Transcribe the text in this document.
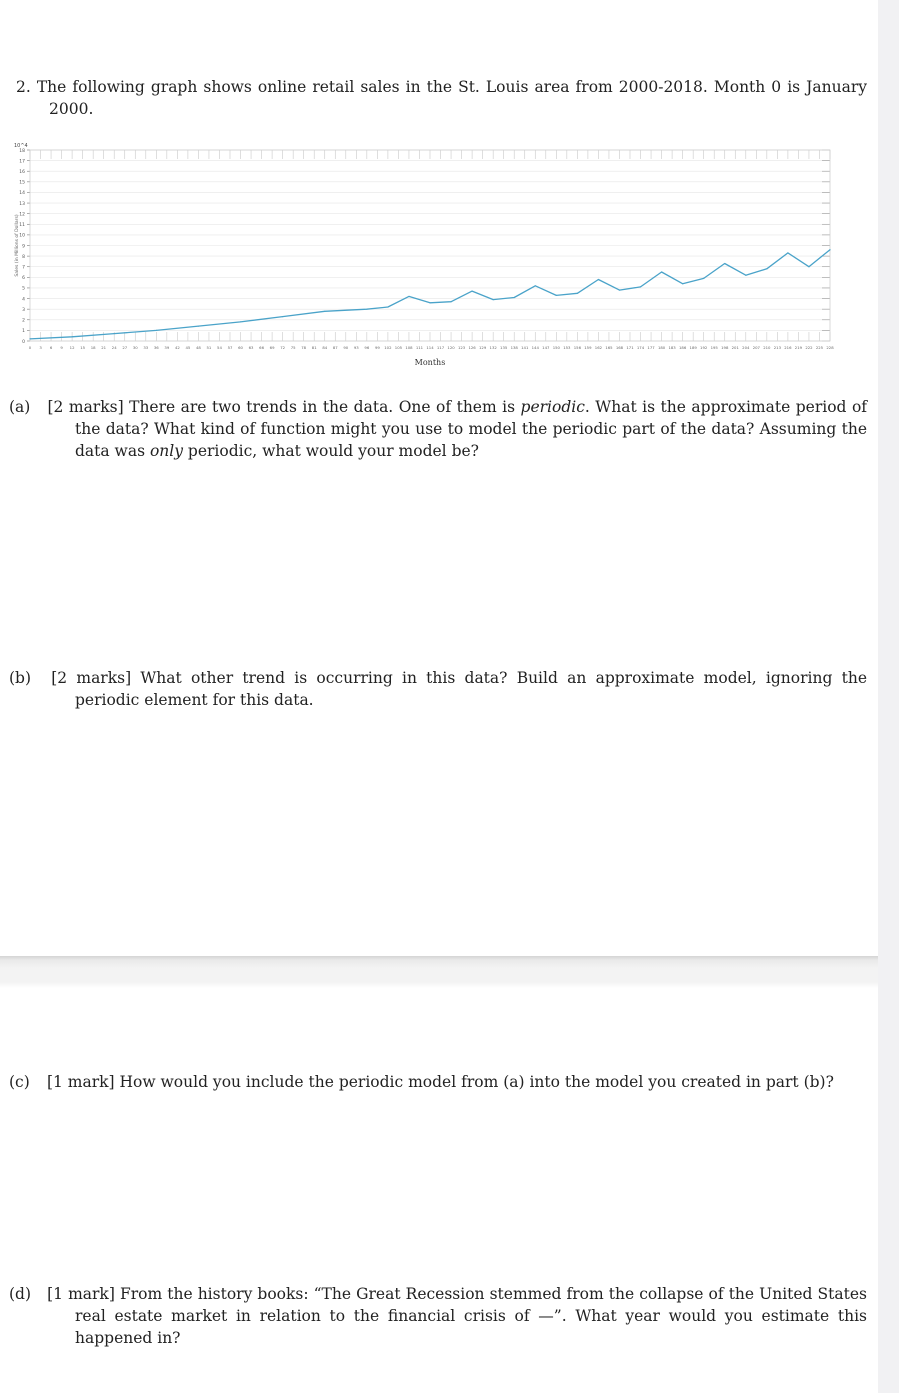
2. The following graph shows online retail sales in the St. Louis area from 2000-2018. Month 0 is January 2000.
0
1
2
3
4
5
6
7
8
9
10
11
12
13
14
15
16
17
18
0 3 6 9 12 15 18 21 24 27 30 33 36 39 42 45 48 51 54 57 60 63 66 69 72 75 78 81 84 87 90 93 96 99 102 105 108 111 114 117 120 123 126 129 132 135 138 141 144 147 150 153 156 159 162 165 168 171 174 177 180 183 186 189 192 195 198 201 204 207 210 213 216 219 222 225 228
10^4
Months
Sales (in Millions of Dollars)
(a) [2 marks] There are two trends in the data. One of them is periodic. What is the approximate period of the data? What kind of function might you use to model the periodic part of the data? Assuming the data was only periodic, what would your model be?
(b) [2 marks] What other trend is occurring in this data? Build an approximate model, ignoring the periodic element for this data.
(c) [1 mark] How would you include the periodic model from (a) into the model you created in part (b)?
(d) [1 mark] From the history books: “The Great Recession stemmed from the collapse of the United States real estate market in relation to the financial crisis of —”. What year would you estimate this happened in?
